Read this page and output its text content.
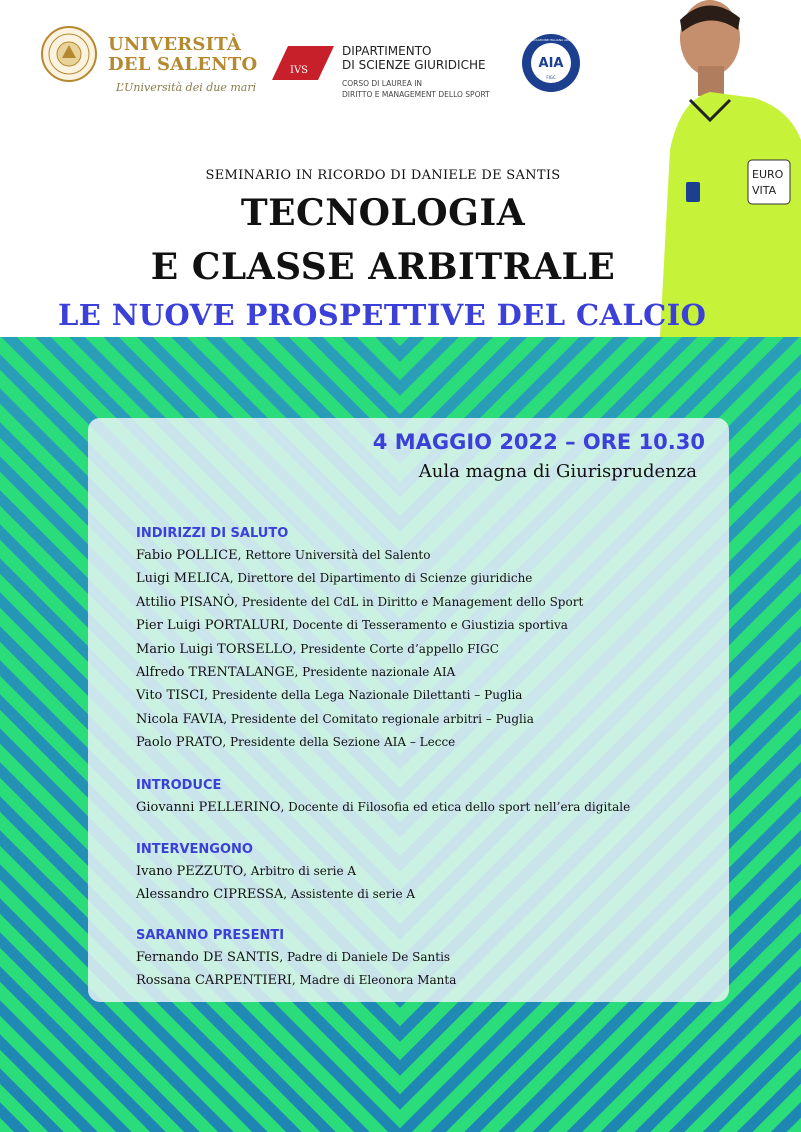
UNIVERSITÀ
DEL SALENTO
L’Università dei due mari
IVS
DIPARTIMENTO
DI SCIENZE GIURIDICHE
CORSO DI LAUREA IN
DIRITTO E MANAGEMENT DELLO SPORT
AIA
FIGC
ASSOCIAZIONE ITALIANA ARBITRI
EURO
VITA
SEMINARIO IN RICORDO DI DANIELE DE SANTIS
TECNOLOGIA
E CLASSE ARBITRALE
LE NUOVE PROSPETTIVE DEL CALCIO
4 MAGGIO 2022 – ORE 10.30
Aula magna di Giurisprudenza
INDIRIZZI DI SALUTO
Fabio POLLICE, Rettore Università del Salento
Luigi MELICA, Direttore del Dipartimento di Scienze giuridiche
Attilio PISANÒ, Presidente del CdL in Diritto e Management dello Sport
Pier Luigi PORTALURI, Docente di Tesseramento e Giustizia sportiva
Mario Luigi TORSELLO, Presidente Corte d’appello FIGC
Alfredo TRENTALANGE, Presidente nazionale AIA
Vito TISCI, Presidente della Lega Nazionale Dilettanti – Puglia
Nicola FAVIA, Presidente del Comitato regionale arbitri – Puglia
Paolo PRATO, Presidente della Sezione AIA – Lecce
INTRODUCE
Giovanni PELLERINO, Docente di Filosofia ed etica dello sport nell’era digitale
INTERVENGONO
Ivano PEZZUTO, Arbitro di serie A
Alessandro CIPRESSA, Assistente di serie A
SARANNO PRESENTI
Fernando DE SANTIS, Padre di Daniele De Santis
Rossana CARPENTIERI, Madre di Eleonora Manta
